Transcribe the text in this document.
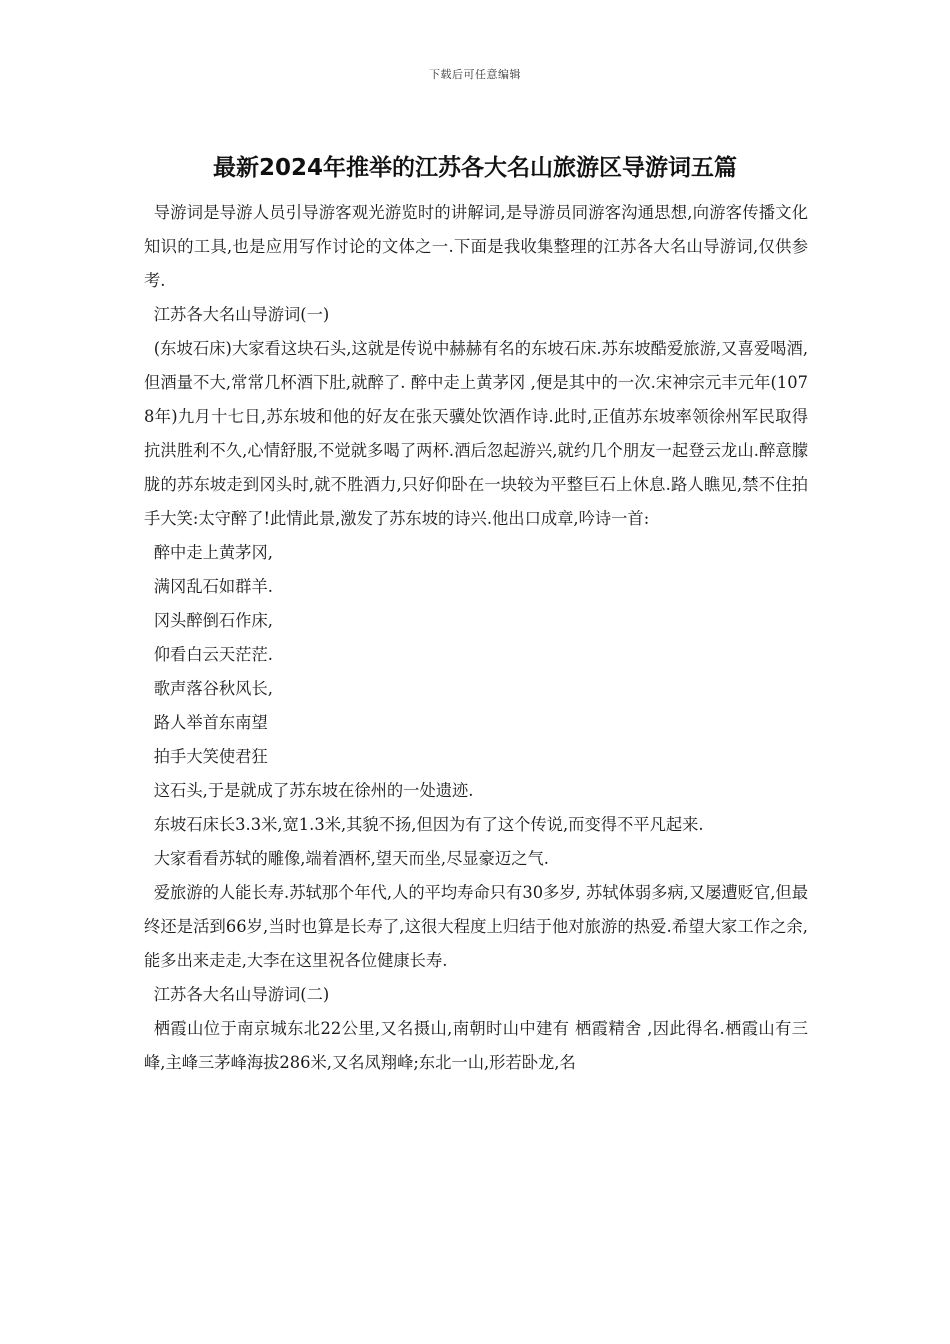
下载后可任意编辑
最新2024年推举的江苏各大名山旅游区导游词五篇

导游词是导游人员引导游客观光游览时的讲解词,是导游员同游客沟通思想,向游客传播文化知识的工具,也是应用写作讨论的文体之一.下面是我收集整理的江苏各大名山导游词,仅供参考.

江苏各大名山导游词(一)

(东坡石床)大家看这块石头,这就是传说中赫赫有名的东坡石床.苏东坡酷爱旅游,又喜爱喝酒,但酒量不大,常常几杯酒下肚,就醉了. 醉中走上黄茅冈 ,便是其中的一次.宋神宗元丰元年(1078年)九月十七日,苏东坡和他的好友在张天骥处饮酒作诗.此时,正值苏东坡率领徐州军民取得抗洪胜利不久,心情舒服,不觉就多喝了两杯.酒后忽起游兴,就约几个朋友一起登云龙山.醉意朦胧的苏东坡走到冈头时,就不胜酒力,只好仰卧在一块较为平整巨石上休息.路人瞧见,禁不住拍手大笑:太守醉了!此情此景,激发了苏东坡的诗兴.他出口成章,吟诗一首:

醉中走上黄茅冈,

满冈乱石如群羊.

冈头醉倒石作床,

仰看白云天茫茫.

歌声落谷秋风长,

路人举首东南望

拍手大笑使君狂

这石头,于是就成了苏东坡在徐州的一处遗迹.

东坡石床长3.3米,宽1.3米,其貌不扬,但因为有了这个传说,而变得不平凡起来.

大家看看苏轼的雕像,端着酒杯,望天而坐,尽显豪迈之气.

爱旅游的人能长寿.苏轼那个年代,人的平均寿命只有30多岁, 苏轼体弱多病,又屡遭贬官,但最终还是活到66岁,当时也算是长寿了,这很大程度上归结于他对旅游的热爱.希望大家工作之余,能多出来走走,大李在这里祝各位健康长寿.

江苏各大名山导游词(二)

栖霞山位于南京城东北22公里,又名摄山,南朝时山中建有 栖霞精舍 ,因此得名.栖霞山有三峰,主峰三茅峰海拔286米,又名凤翔峰;东北一山,形若卧龙,名
